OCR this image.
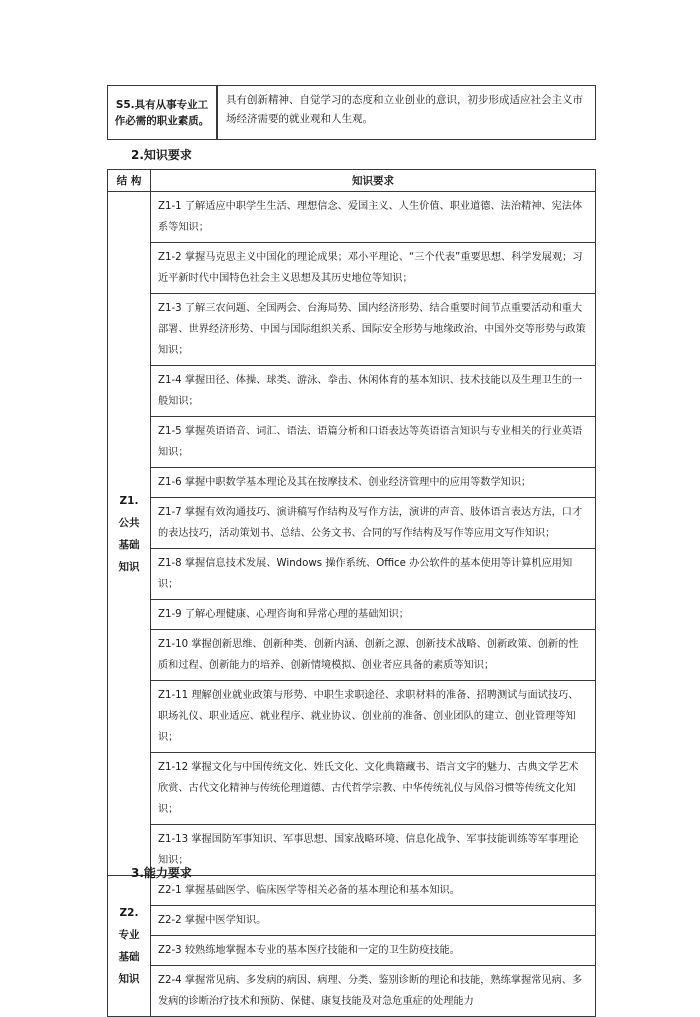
S5.具有从事专业工作必需的职业素质。	具有创新精神、自觉学习的态度和立业创业的意识，初步形成适应社会主义市场经济需要的就业观和人生观。
2.知识要求
结 构	知识要求
Z1.公共基础知识	Z1-1 了解适应中职学生生活、理想信念、爱国主义、人生价值、职业道德、法治精神、宪法体系等知识；
	Z1-2 掌握马克思主义中国化的理论成果；邓小平理论、“三个代表”重要思想、科学发展观；习近平新时代中国特色社会主义思想及其历史地位等知识；
	Z1-3 了解三农问题、全国两会、台海局势、国内经济形势、结合重要时间节点重要活动和重大部署、世界经济形势、中国与国际组织关系、国际安全形势与地缘政治、中国外交等形势与政策知识；
	Z1-4 掌握田径、体操、球类、游泳、拳击、休闲体育的基本知识、技术技能以及生理卫生的一般知识；
	Z1-5 掌握英语语音、词汇、语法、语篇分析和口语表达等英语语言知识与专业相关的行业英语知识；
	Z1-6 掌握中职数学基本理论及其在按摩技术、创业经济管理中的应用等数学知识；
	Z1-7 掌握有效沟通技巧、演讲稿写作结构及写作方法，演讲的声音、肢体语言表达方法，口才的表达技巧，活动策划书、总结、公务文书、合同的写作结构及写作等应用文写作知识；
	Z1-8 掌握信息技术发展、Windows 操作系统、Office 办公软件的基本使用等计算机应用知识；
	Z1-9 了解心理健康、心理咨询和异常心理的基础知识；
	Z1-10 掌握创新思维、创新种类、创新内涵、创新之源、创新技术战略、创新政策、创新的性质和过程、创新能力的培养、创新情境模拟、创业者应具备的素质等知识；
	Z1-11 理解创业就业政策与形势、中职生求职途径、求职材料的准备、招聘测试与面试技巧、职场礼仪、职业适应、就业程序、就业协议、创业前的准备、创业团队的建立、创业管理等知识；
	Z1-12 掌握文化与中国传统文化、姓氏文化、文化典籍藏书、语言文字的魅力、古典文学艺术欣赏、古代文化精神与传统伦理道德、古代哲学宗教、中华传统礼仪与风俗习惯等传统文化知识；
	Z1-13 掌握国防军事知识、军事思想、国家战略环境、信息化战争、军事技能训练等军事理论知识；
Z2.专业基础知识	Z2-1 掌握基础医学、临床医学等相关必备的基本理论和基本知识。
	Z2-2 掌握中医学知识。
	Z2-3 较熟练地掌握本专业的基本医疗技能和一定的卫生防疫技能。
	Z2-4 掌握常见病、多发病的病因、病理、分类、鉴别诊断的理论和技能，熟练掌握常见病、多发病的诊断治疗技术和预防、保健、康复技能及对急危重症的处理能力
3.能力要求
